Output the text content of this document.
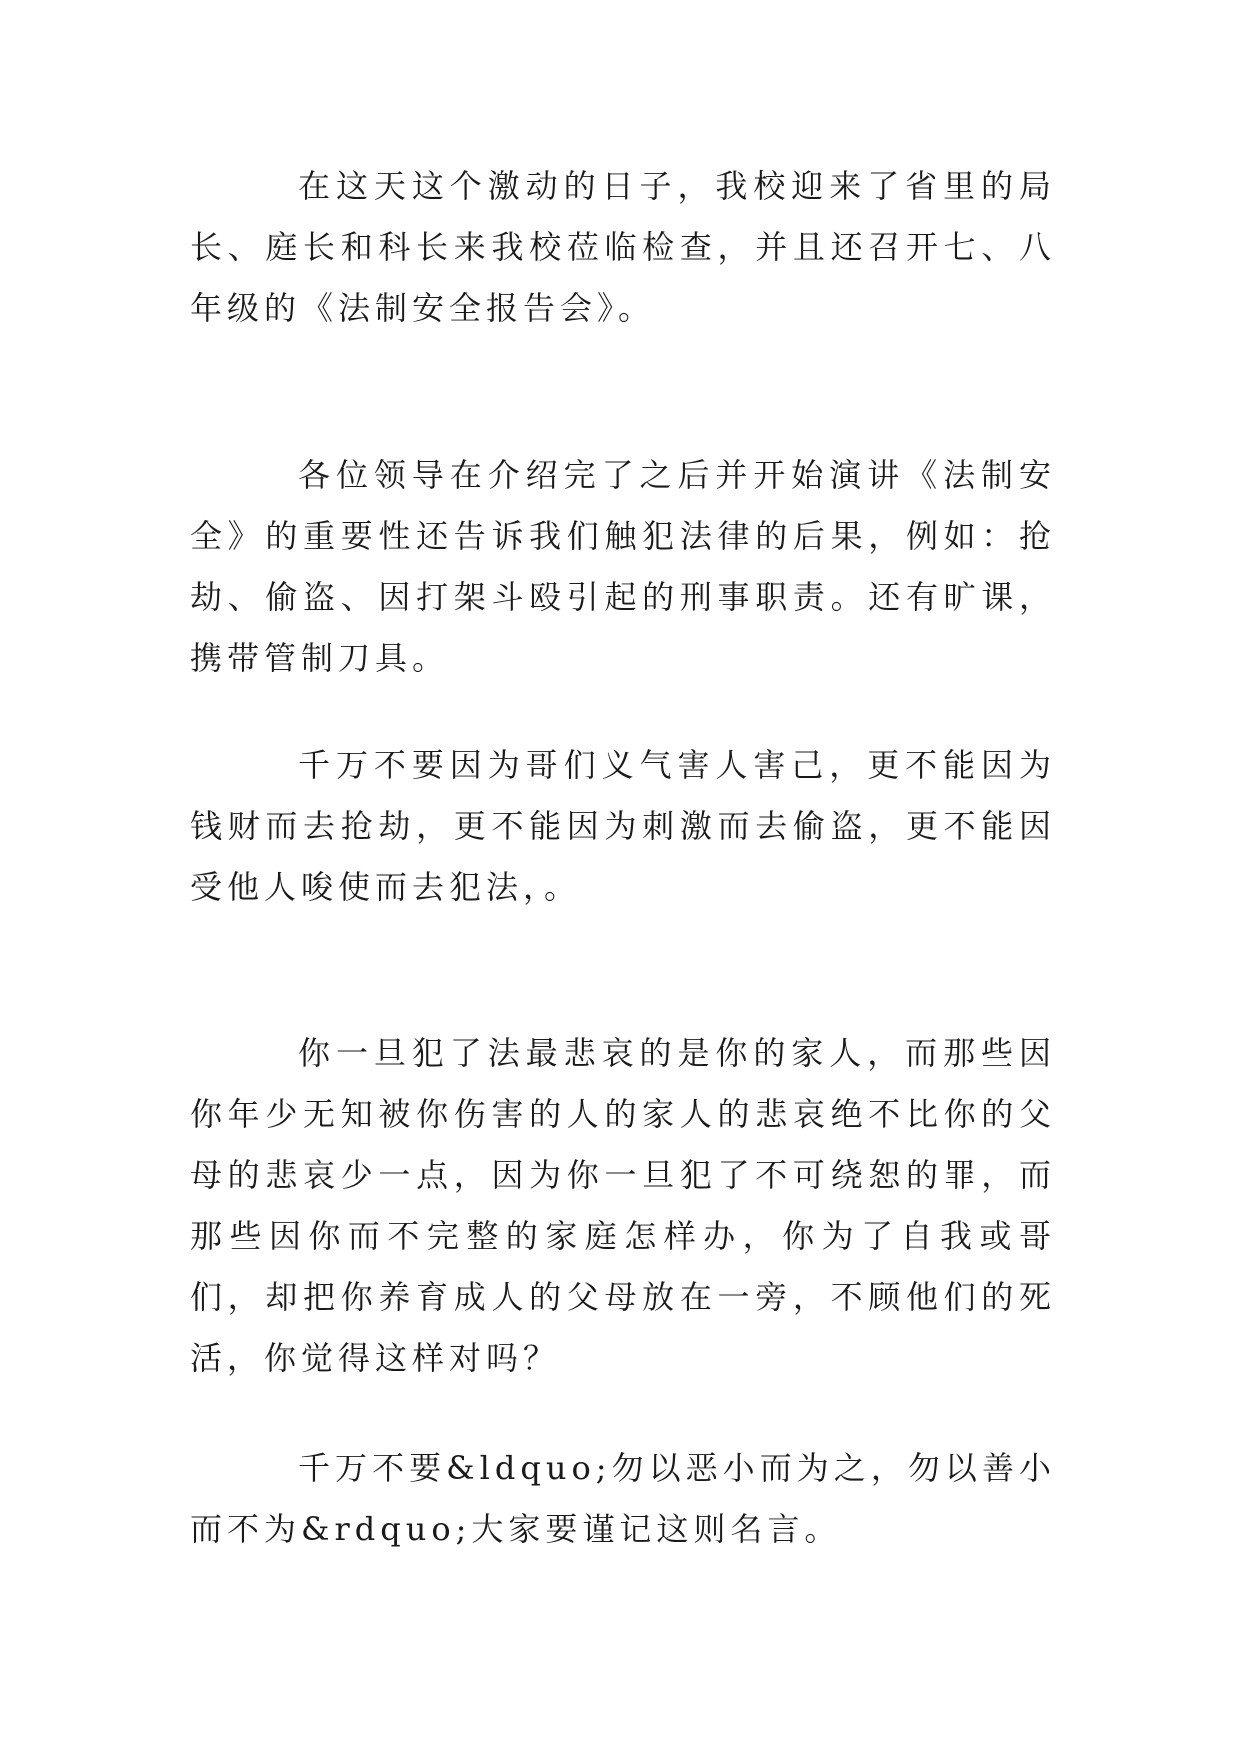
在这天这个激动的日子，我校迎来了省里的局长、庭长和科长来我校莅临检查，并且还召开七、八年级的《法制安全报告会》。

各位领导在介绍完了之后并开始演讲《法制安全》的重要性还告诉我们触犯法律的后果，例如：抢劫、偷盗、因打架斗殴引起的刑事职责。还有旷课，携带管制刀具。

千万不要因为哥们义气害人害己，更不能因为钱财而去抢劫，更不能因为刺激而去偷盗，更不能因受他人唆使而去犯法，。

你一旦犯了法最悲哀的是你的家人，而那些因你年少无知被你伤害的人的家人的悲哀绝不比你的父母的悲哀少一点，因为你一旦犯了不可绕恕的罪，而那些因你而不完整的家庭怎样办，你为了自我或哥们，却把你养育成人的父母放在一旁，不顾他们的死活，你觉得这样对吗？

千万不要&ldquo;勿以恶小而为之，勿以善小而不为&rdquo;大家要谨记这则名言。
